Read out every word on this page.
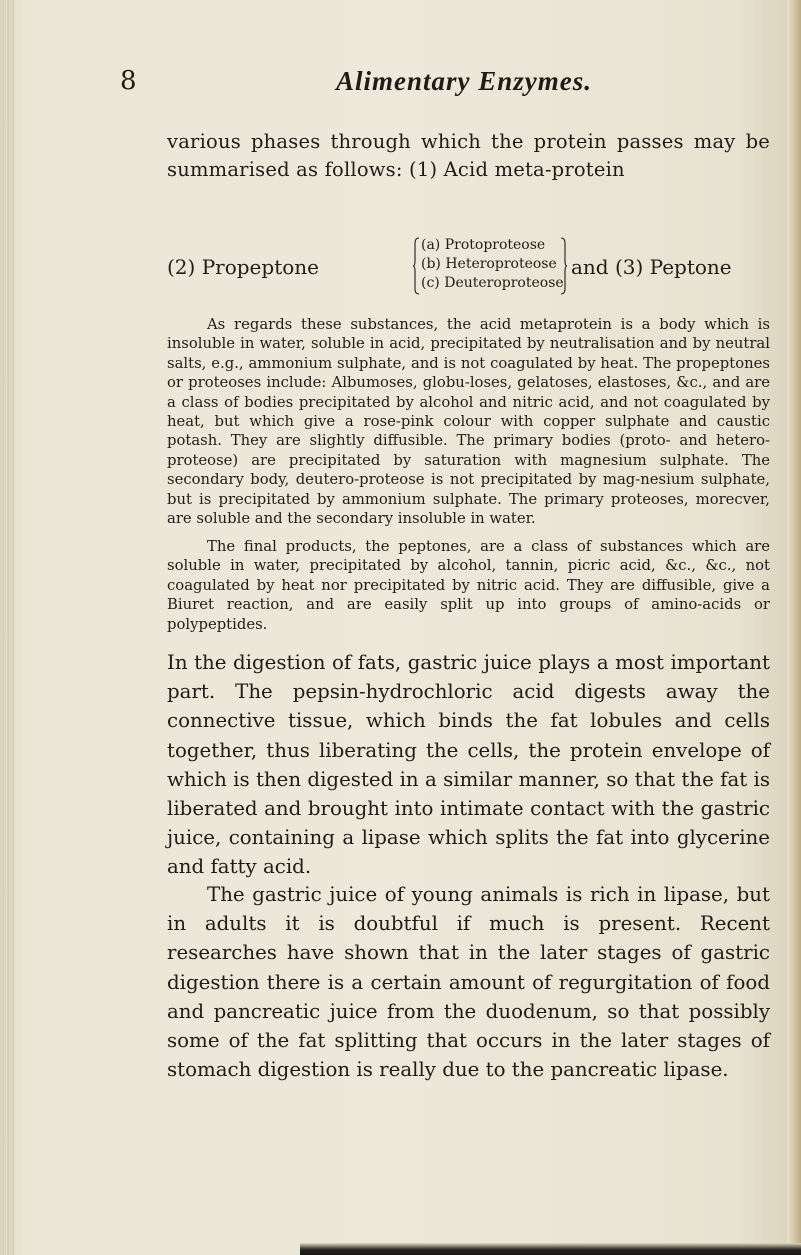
8	Alimentary Enzymes.

various phases through which the protein passes may be summarised as follows: (1) Acid meta-protein

(2) Propeptone
(a) Protoproteose
(b) Heteroproteose
(c) Deuteroproteose
and (3) Peptone

As regards these substances, the acid metaprotein is a body which is insoluble in water, soluble in acid, precipitated by neutralisation and by neutral salts, e.g., ammonium sulphate, and is not coagulated by heat. The propeptones or proteoses include: Albumoses, globu-loses, gelatoses, elastoses, &c., and are a class of bodies precipitated by alcohol and nitric acid, and not coagulated by heat, but which give a rose-pink colour with copper sulphate and caustic potash. They are slightly diffusible. The primary bodies (proto- and hetero-proteose) are precipitated by saturation with magnesium sulphate. The secondary body, deutero-proteose is not precipitated by mag-nesium sulphate, but is precipitated by ammonium sulphate. The primary proteoses, morecver, are soluble and the secondary insoluble in water.

The final products, the peptones, are a class of substances which are soluble in water, precipitated by alcohol, tannin, picric acid, &c., &c., not coagulated by heat nor precipitated by nitric acid. They are diffusible, give a Biuret reaction, and are easily split up into groups of amino-acids or polypeptides.

In the digestion of fats, gastric juice plays a most important part. The pepsin-hydrochloric acid digests away the connective tissue, which binds the fat lobules and cells together, thus liberating the cells, the protein envelope of which is then digested in a similar manner, so that the fat is liberated and brought into intimate contact with the gastric juice, containing a lipase which splits the fat into glycerine and fatty acid.

The gastric juice of young animals is rich in lipase, but in adults it is doubtful if much is present. Recent researches have shown that in the later stages of gastric digestion there is a certain amount of regurgitation of food and pancreatic juice from the duodenum, so that possibly some of the fat splitting that occurs in the later stages of stomach digestion is really due to the pancreatic lipase.
